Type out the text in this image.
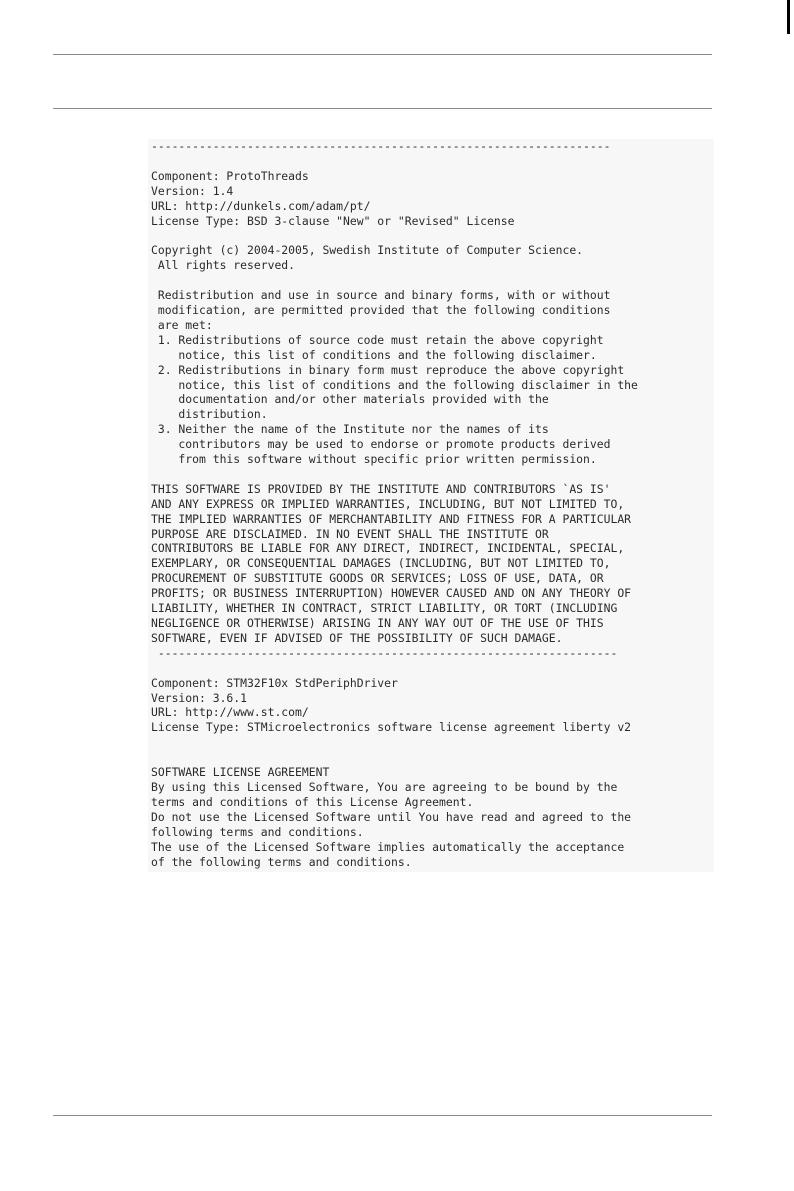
-------------------------------------------------------------------

Component: ProtoThreads
Version: 1.4
URL: http://dunkels.com/adam/pt/
License Type: BSD 3-clause "New" or "Revised" License

Copyright (c) 2004-2005, Swedish Institute of Computer Science.
All rights reserved.

Redistribution and use in source and binary forms, with or without
modification, are permitted provided that the following conditions
are met:
1. Redistributions of source code must retain the above copyright
notice, this list of conditions and the following disclaimer.
2. Redistributions in binary form must reproduce the above copyright
notice, this list of conditions and the following disclaimer in the
documentation and/or other materials provided with the
distribution.
3. Neither the name of the Institute nor the names of its
contributors may be used to endorse or promote products derived
from this software without specific prior written permission.

THIS SOFTWARE IS PROVIDED BY THE INSTITUTE AND CONTRIBUTORS `AS IS'
AND ANY EXPRESS OR IMPLIED WARRANTIES, INCLUDING, BUT NOT LIMITED TO,
THE IMPLIED WARRANTIES OF MERCHANTABILITY AND FITNESS FOR A PARTICULAR
PURPOSE ARE DISCLAIMED. IN NO EVENT SHALL THE INSTITUTE OR
CONTRIBUTORS BE LIABLE FOR ANY DIRECT, INDIRECT, INCIDENTAL, SPECIAL,
EXEMPLARY, OR CONSEQUENTIAL DAMAGES (INCLUDING, BUT NOT LIMITED TO,
PROCUREMENT OF SUBSTITUTE GOODS OR SERVICES; LOSS OF USE, DATA, OR
PROFITS; OR BUSINESS INTERRUPTION) HOWEVER CAUSED AND ON ANY THEORY OF
LIABILITY, WHETHER IN CONTRACT, STRICT LIABILITY, OR TORT (INCLUDING
NEGLIGENCE OR OTHERWISE) ARISING IN ANY WAY OUT OF THE USE OF THIS
SOFTWARE, EVEN IF ADVISED OF THE POSSIBILITY OF SUCH DAMAGE.
-------------------------------------------------------------------

Component: STM32F10x StdPeriphDriver
Version: 3.6.1
URL: http://www.st.com/
License Type: STMicroelectronics software license agreement liberty v2

SOFTWARE LICENSE AGREEMENT
By using this Licensed Software, You are agreeing to be bound by the
terms and conditions of this License Agreement.
Do not use the Licensed Software until You have read and agreed to the
following terms and conditions.
The use of the Licensed Software implies automatically the acceptance
of the following terms and conditions.
